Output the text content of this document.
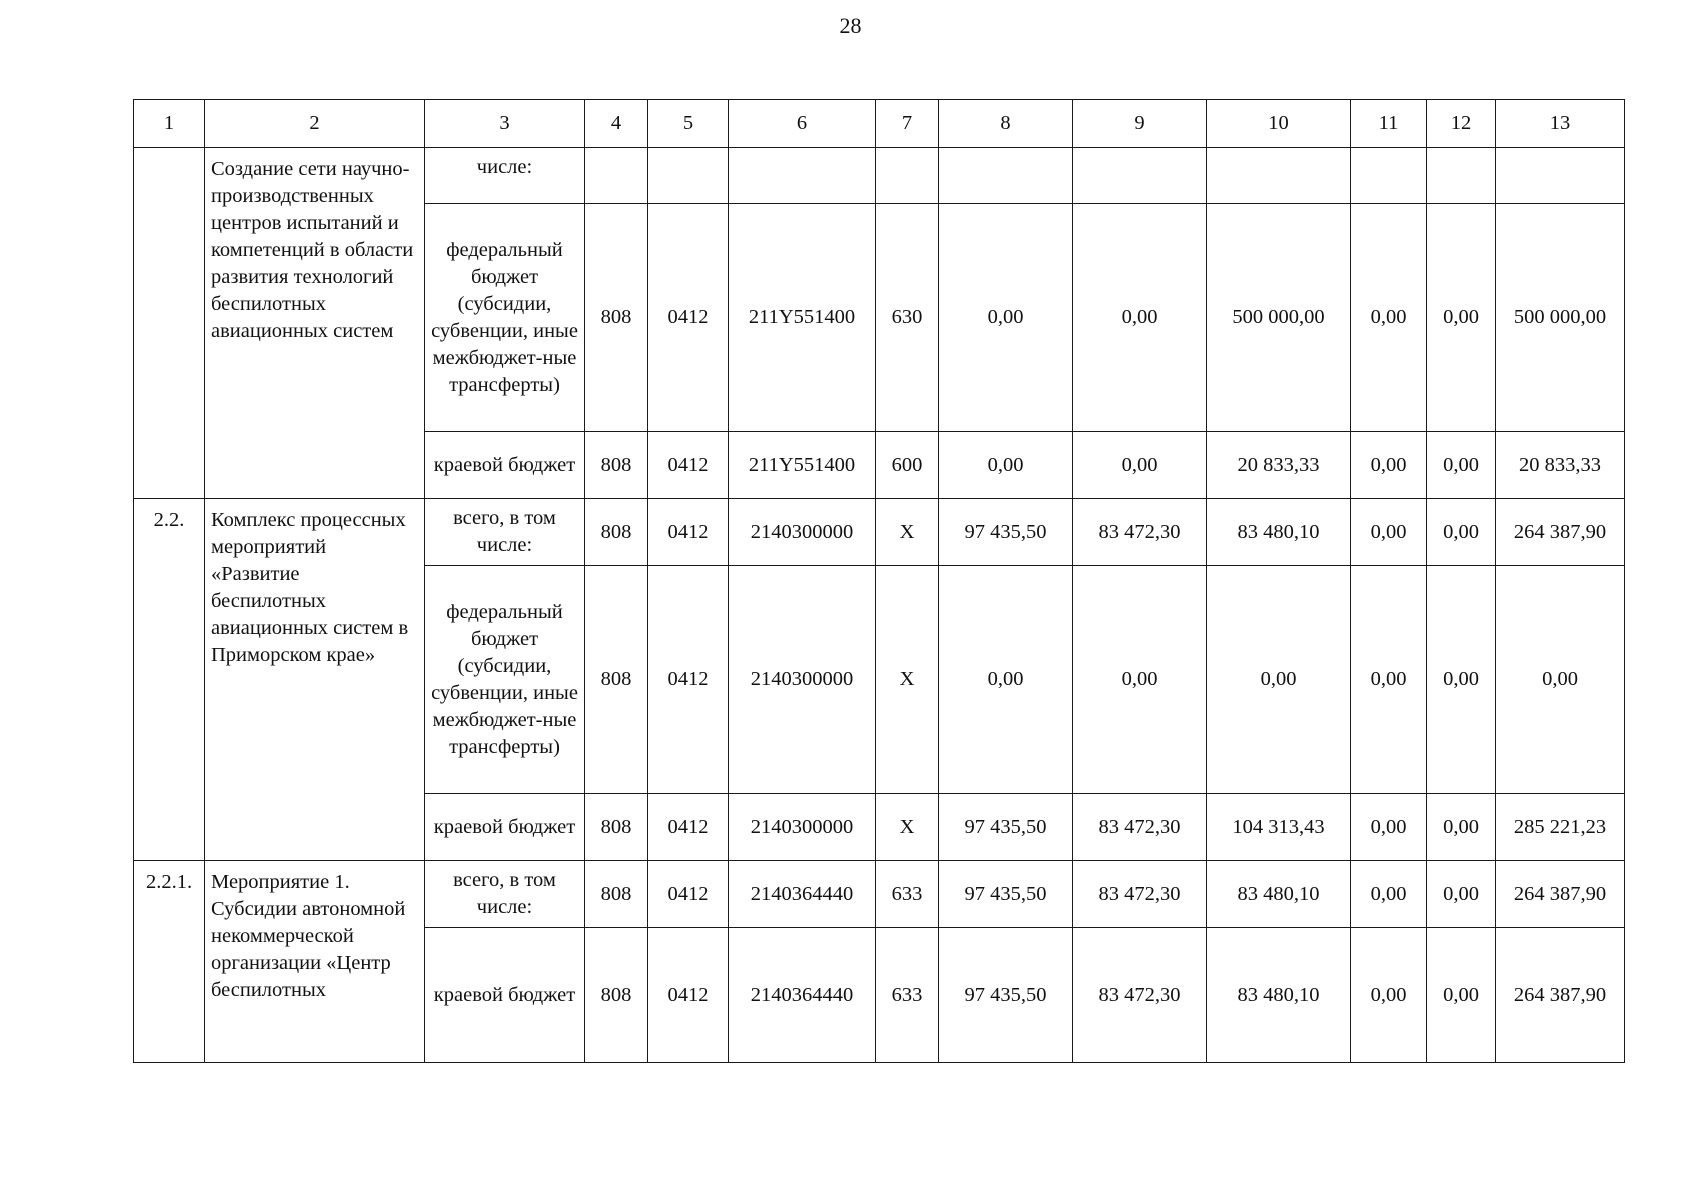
28
1	2	3	4	5	6	7	8	9	10	11	12	13
	Создание сети научно-производственных центров испытаний и компетенций в области развития технологий беспилотных авиационных систем	числе:										
		федеральный бюджет (субсидии, субвенции, иные межбюджет-ные трансферты)	808	0412	211Y551400	630	0,00	0,00	500 000,00	0,00	0,00	500 000,00
		краевой бюджет	808	0412	211Y551400	600	0,00	0,00	20 833,33	0,00	0,00	20 833,33
2.2.	Комплекс процессных мероприятий «Развитие беспилотных авиационных систем в Приморском крае»	всего, в том числе:	808	0412	2140300000	X	97 435,50	83 472,30	83 480,10	0,00	0,00	264 387,90
		федеральный бюджет (субсидии, субвенции, иные межбюджет-ные трансферты)	808	0412	2140300000	X	0,00	0,00	0,00	0,00	0,00	0,00
		краевой бюджет	808	0412	2140300000	X	97 435,50	83 472,30	104 313,43	0,00	0,00	285 221,23
2.2.1.	Мероприятие 1. Субсидии автономной некоммерческой организации «Центр беспилотных	всего, в том числе:	808	0412	2140364440	633	97 435,50	83 472,30	83 480,10	0,00	0,00	264 387,90
		краевой бюджет	808	0412	2140364440	633	97 435,50	83 472,30	83 480,10	0,00	0,00	264 387,90
